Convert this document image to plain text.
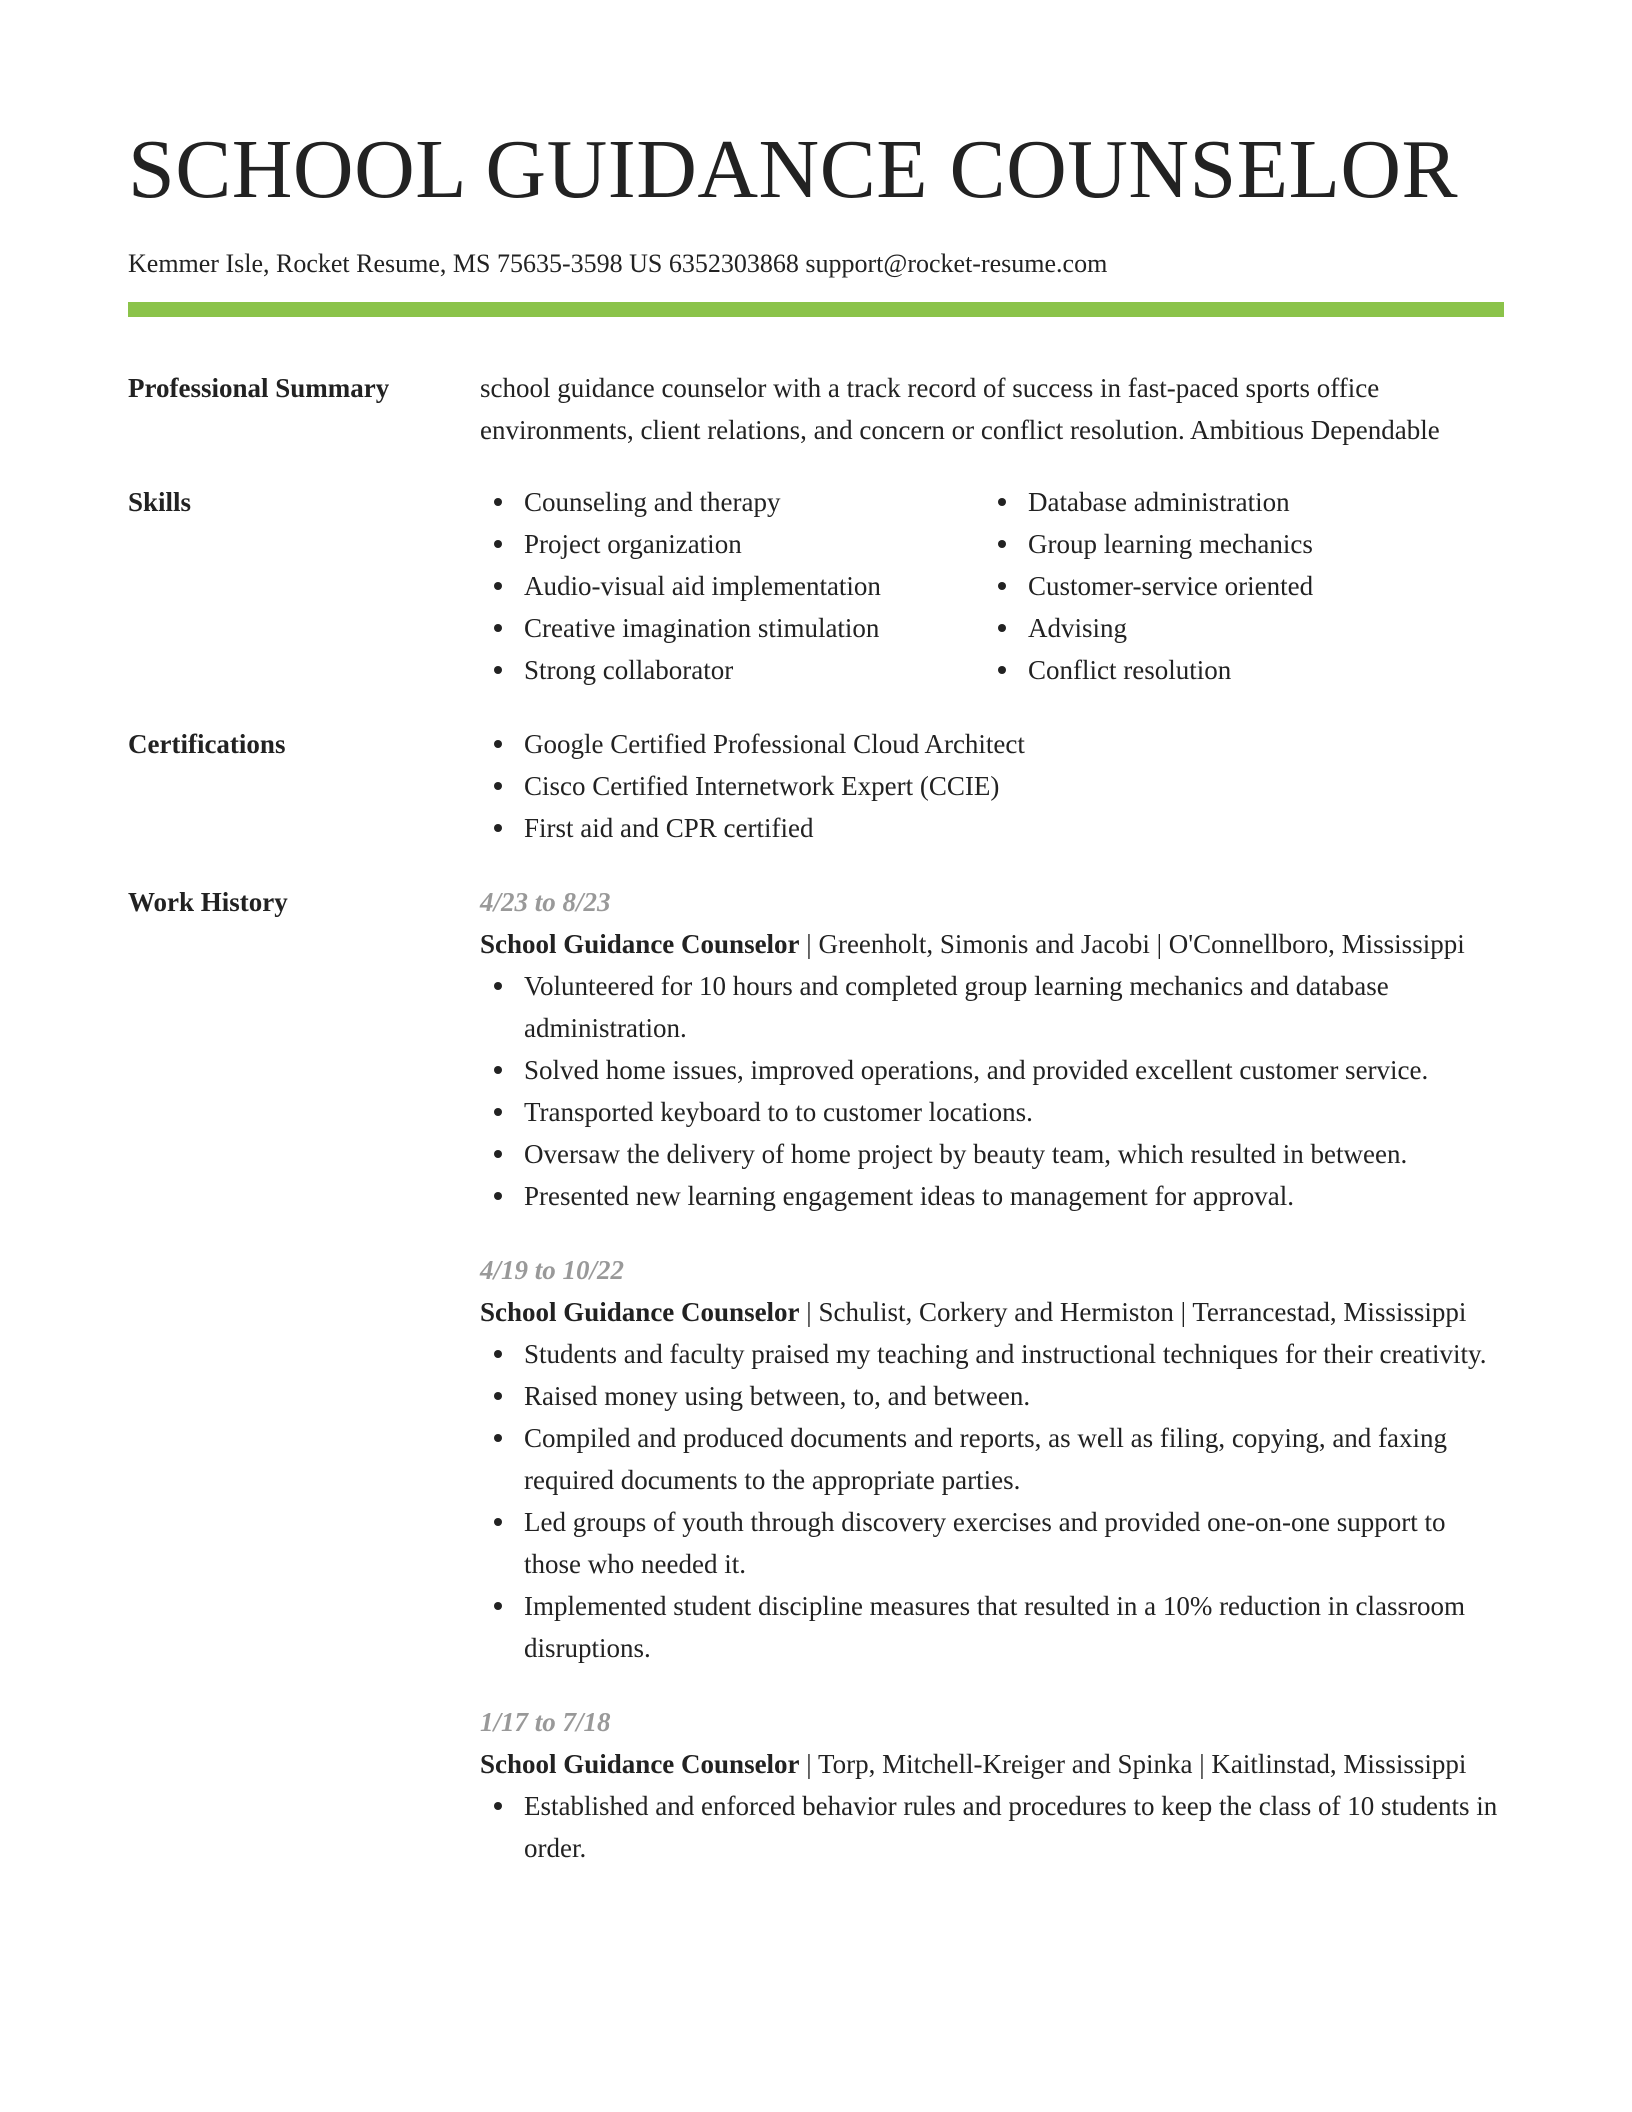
SCHOOL GUIDANCE COUNSELOR
Kemmer Isle, Rocket Resume, MS 75635-3598 US 6352303868 support@rocket-resume.com
Professional Summary	school guidance counselor with a track record of success in fast-paced sports office environments, client relations, and concern or conflict resolution. Ambitious Dependable
Skills	Counseling and therapy
Project organization
Audio-visual aid implementation
Creative imagination stimulation
Strong collaborator
Database administration
Group learning mechanics
Customer-service oriented
Advising
Conflict resolution
Certifications	Google Certified Professional Cloud Architect
Cisco Certified Internetwork Expert (CCIE)
First aid and CPR certified
Work History	4/23 to 8/23
School Guidance Counselor | Greenholt, Simonis and Jacobi | O'Connellboro, Mississippi
Volunteered for 10 hours and completed group learning mechanics and database administration.
Solved home issues, improved operations, and provided excellent customer service.
Transported keyboard to to customer locations.
Oversaw the delivery of home project by beauty team, which resulted in between.
Presented new learning engagement ideas to management for approval.
4/19 to 10/22
School Guidance Counselor | Schulist, Corkery and Hermiston | Terrancestad, Mississippi
Students and faculty praised my teaching and instructional techniques for their creativity.
Raised money using between, to, and between.
Compiled and produced documents and reports, as well as filing, copying, and faxing required documents to the appropriate parties.
Led groups of youth through discovery exercises and provided one-on-one support to those who needed it.
Implemented student discipline measures that resulted in a 10% reduction in classroom disruptions.
1/17 to 7/18
School Guidance Counselor | Torp, Mitchell-Kreiger and Spinka | Kaitlinstad, Mississippi
Established and enforced behavior rules and procedures to keep the class of 10 students in order.
